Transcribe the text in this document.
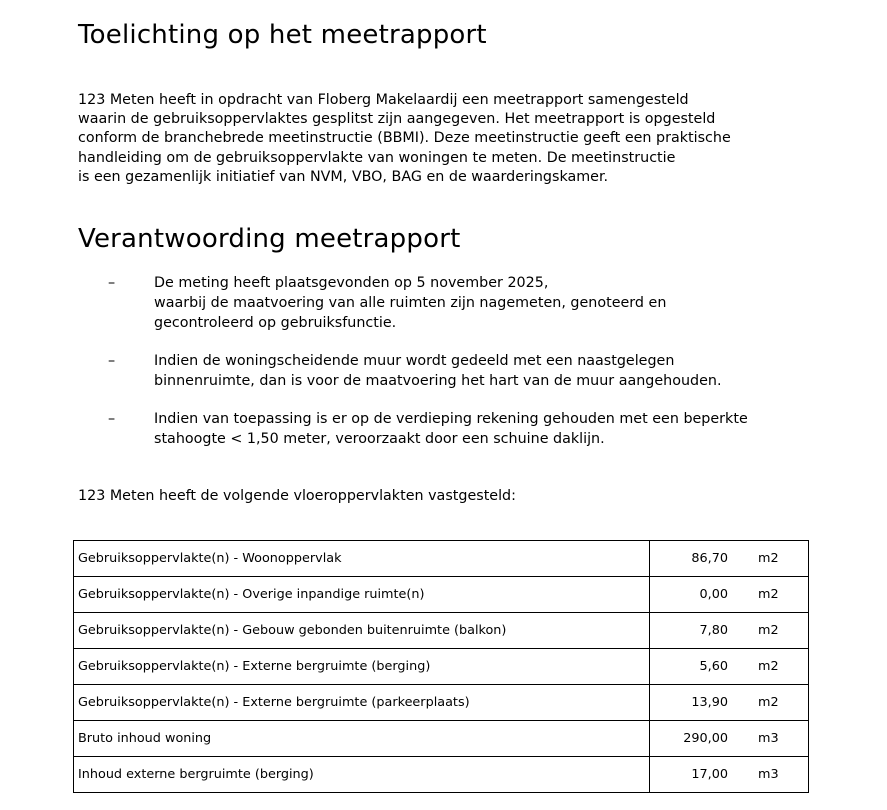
Toelichting op het meetrapport
123 Meten heeft in opdracht van Floberg Makelaardij een meetrapport samengesteld
waarin de gebruiksoppervlaktes gesplitst zijn aangegeven. Het meetrapport is opgesteld
conform de branchebrede meetinstructie (BBMI). Deze meetinstructie geeft een praktische
handleiding om de gebruiksoppervlakte van woningen te meten. De meetinstructie
is een gezamenlijk initiatief van NVM, VBO, BAG en de waarderingskamer.
Verantwoording meetrapport
–	De meting heeft plaatsgevonden op 5 november 2025,
waarbij de maatvoering van alle ruimten zijn nagemeten, genoteerd en
gecontroleerd op gebruiksfunctie.
–	Indien de woningscheidende muur wordt gedeeld met een naastgelegen
binnenruimte, dan is voor de maatvoering het hart van de muur aangehouden.
–	Indien van toepassing is er op de verdieping rekening gehouden met een beperkte
stahoogte < 1,50 meter, veroorzaakt door een schuine daklijn.

123 Meten heeft de volgende vloeroppervlakten vastgesteld:

Gebruiksoppervlakte(n) - Woonoppervlak	86,70 m2

Gebruiksoppervlakte(n) - Overige inpandige ruimte(n)	0,00 m2

Gebruiksoppervlakte(n) - Gebouw gebonden buitenruimte (balkon)	7,80 m2

Gebruiksoppervlakte(n) - Externe bergruimte (berging)	5,60 m2

Gebruiksoppervlakte(n) - Externe bergruimte (parkeerplaats)	13,90 m2

Bruto inhoud woning	290,00 m3

Inhoud externe bergruimte (berging)	17,00 m3
